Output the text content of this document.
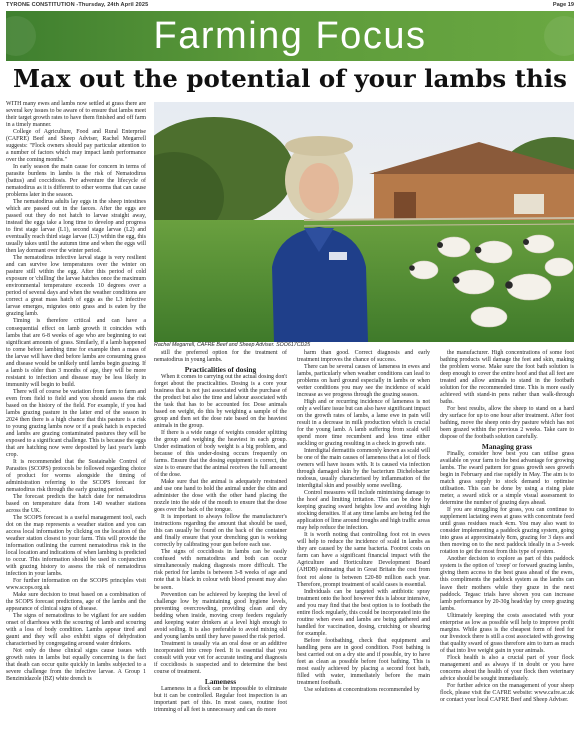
TYRONE CONSTITUTION -Thursday, 24th April 2025	Page 19
Farming Focus
Max out the potential of your lambs this

WITH many ewes and lambs now settled at grass there are several key issues to be aware of to ensure that lambs meet their target growth rates to have them finished and off farm in a timely manner.

College of Agriculture, Food and Rural Enterprise (CAFRE) Beef and Sheep Adviser, Rachel Megarrell suggests: "Flock owners should pay particular attention to a number of factors which may impact lamb performance over the coming months."

In early season the main cause for concern in terms of parasite burdens in lambs is the risk of Nematodirus (battus) and coccidiosis. Per adventure the lifecycle of nematodirus as it is different to other worms that can cause problems later in the season.

The nematodirus adults lay eggs in the sheep intestines which are passed out in the faeces. After the eggs are passed out they do not hatch to larvae straight away, instead the eggs take a long time to develop and progress to first stage larvae (L1), second stage larvae (L2) and eventually reach third stage larvae (L3) within the egg, this usually takes until the autumn time and when the eggs will then lay dormant over the winter period.

The nematodirus infective larval stage is very resilient and can survive low temperatures over the winter on pasture still within the egg. After this period of cold exposure or 'chilling' the larvae hatches once the maximum environmental temperature exceeds 10 degrees over a period of several days and when the weather conditions are correct a great mass hatch of eggs as the L3 infective larvae emerges, migrates onto grass and is eaten by the grazing lamb.

Timing is therefore critical and can have a consequential effect on lamb growth it coincides with lambs that are 6-8 weeks of age who are beginning to eat significant amounts of grass. Similarly, if a lamb happened to come before lambing time for example then a mass of the larvae will have died before lambs are consuming grass and disease would be unlikely until lambs begin grazing. If a lamb is older than 3 months of age, they will be more resistant to infection and disease may be less likely in immunity will begin to build.

There will of course be variation from farm to farm and even from field to field and you should assess the risk based on the history of the field. For example, if you had lambs grazing pasture in the latter end of the season in 2024 then there is a high chance that this pasture is a risk to young grazing lambs now or if a peak hatch is expected and lambs are grazing contaminated pastures they will be exposed to a significant challenge. This is because the eggs that are hatching now were deposited by last year's lamb crop.

It is recommended that the Sustainable Control of Parasites (SCOPS) protocols be followed regarding choice of product for worms alongside the timing of administration referring to the SCOPS forecast for nematodirus risk through the early grazing period.

The forecast predicts the hatch date for nematodirus based on temperature data from 140 weather stations across the UK.

The SCOPS forecast is a useful management tool, each dot on the map represents a weather station and you can access local information by clicking on the location of the weather station closest to your farm. This will provide the information outlining the current nematodirus risk in the local location and indications of when lambing is predicted to occur. This information should be used in conjunction with grazing history to assess the risk of nematodirus infection in your lambs.

For further information on the SCOPS principles visit www.scops.org.uk

Make sure decision to treat based on a combination of the SCOPS forecast predictions, age of the lambs and the appearance of clinical signs of disease.

The signs of nematodirus to be vigilant for are sudden onset of diarrhoea with the scouring of lamb and scouring with a loss of body condition. Lambs appear tired and gaunt and they will also exhibit signs of dehydration characterised by congregating around water drinkers.

Not only do these clinical signs cause issues with growth rates in lambs but equally concerning is the fact that death can occur quite quickly in lambs subjected to a severe challenge from the infective larvae. A Group 1 Benzimidazole (BZ) white drench is

Rachel Megarrell, CAFRE Beef and Sheep Adviser. SOO617CD25

still the preferred option for the treatment of nematodirus in young lambs.

Practicalities of dosing

When it comes to carrying out the actual dosing don't forget about the practicalities. Dosing is a core your business that is not just associated with the purchase of the product but also the time and labour associated with the task that has to be accounted for. Dose animals based on weight, do this by weighing a sample of the group and then set the dose rate based on the heaviest animals in the group.

If there is a wide range of weights consider splitting the group and weighing the heaviest in each group. Under estimation of body weight is a big problem, and because of this under-dosing occurs frequently on farms. Ensure that the dosing equipment is correct, the size is to ensure that the animal receives the full amount of the dose.

Make sure that the animal is adequately restrained and use one hand to hold the animal under the chin and administer the dose with the other hand placing the nozzle into the side of the mouth to ensure that the dose goes over the back of the tongue.

It is important to always follow the manufacturer's instructions regarding the amount that should be used, this can usually be found on the back of the container and finally ensure that your drenching gun is working correctly by calibrating your gun before each use.

The signs of coccidiosis in lambs can be easily confused with nematodirus and both can occur simultaneously making diagnosis more difficult. The risk period for lambs is between 3-8 weeks of age and note that is black in colour with blood present may also be seen.

Prevention can be achieved by keeping the level of challenge low by maintaining good hygiene levels, preventing overcrowding, providing clean and dry bedding when inside, moving creep feeders regularly and keeping water drinkers at a level high enough to avoid soiling. It is also preferable to avoid mixing old and young lambs until they have passed the risk period.

Treatment is usually via an oral dose or an additive incorporated into creep feed. It is essential that you consult with your vet for accurate testing and diagnosis if coccidiosis is suspected and to determine the best course of treatment.

Lameness

Lameness in a flock can be impossible to eliminate but it can be controlled. Regular foot inspection is an important part of this. In most cases, routine foot trimming of all feet is unnecessary and can do more

harm than good. Correct diagnosis and early treatment improves the chance of success.

There can be several causes of lameness in ewes and lambs, particularly when weather conditions can lead to problems on hard ground especially in lambs or when wetter conditions you may see the incidence of scald increase as we progress through the grazing season.

High and or recurring incidence of lameness is not only a welfare issue but can also have significant impact on the growth rates of lambs, a lame ewe in pain will result in a decrease in milk production which is crucial for the young lamb. A lamb suffering from scald will spend more time recumbent and less time either suckling or grazing resulting in a check in growth rate.

Interdigital dermatitis commonly known as scald will be one of the main causes of lameness that a lot of flock owners will have issues with. It is caused via infection through damaged skin by the bacterium Dichelobacter nodosus, usually characterised by inflammation of the interdigital skin and possibly some swelling.

Control measures will include minimising damage to the hoof and limiting irritation. This can be done by keeping grazing sward heights low and avoiding high stocking densities. If at any time lambs are being fed the application of lime around troughs and high traffic areas may help reduce the infection.

It is worth noting that controlling foot rot in ewes will help to reduce the incidence of scald in lambs as they are caused by the same bacteria. Footrot costs on farm can have a significant financial impact with the Agriculture and Horticulture Development Board (AHDB) estimating that in Great Britain the cost from foot rot alone is between £20-80 million each year. Therefore, prompt treatment of scald cases is essential.

Individuals can be targeted with antibiotic spray treatment onto the hoof however this is labour intensive, and you may find that the best option is to footbath the entire flock regularly, this could be incorporated into the routine when ewes and lambs are being gathered and handled for vaccination, dosing, crutching or shearing for example.

Before footbathing, check that equipment and handling pens are in good condition. Foot bathing is best carried out on a dry site and if possible, try to have feet as clean as possible before foot bathing. This is most easily achieved by placing a second foot bath, filled with water, immediately before the main treatment footbath.

Use solutions at concentrations recommended by

the manufacturer. High concentrations of some foot bathing products will damage the feet and skin, making the problem worse. Make sure the foot bath solution is deep enough to cover the entire hoof and that all feet are treated and allow animals to stand in the footbath solution for the recommended time. This is more easily achieved with stand-in pens rather than walk-through baths.

For best results, allow the sheep to stand on a hard dry surface for up to one hour after treatment. After foot bathing, move the sheep onto dry pasture which has not been grazed within the previous 2 weeks. Take care to dispose of the footbath solution carefully.

Managing grass

Finally, consider how best you can utilise grass available on your farm to the best advantage for growing lambs. The sward pattern for grass growth sees growth begin in February and rise rapidly in May. The aim is to match grass supply to stock demand to optimise utilisation. This can be done by using a rising plate meter, a sward stick or a simple visual assessment to determine the number of grazing days ahead.

If you are struggling for grass, you can continue to supplement lactating ewes at grass with concentrate feed until grass residues reach 4cm. You may also want to consider implementing a paddock grazing system, going into grass at approximately 8cm, grazing for 3 days and then moving on to the next paddock ideally in a 3-week rotation to get the most from this type of system.

Another decision to explore as part of this paddock system is the option of 'creep' or forward grazing lambs, giving them access to the best grass ahead of the ewes, this compliments the paddock system as the lambs can leave their mothers while they graze in the next paddock. Tegasc trials have shown you can increase lamb performance by 20-30g head/day by creep grazing lambs.

Ultimately keeping the costs associated with your enterprise as low as possible will help to improve profit margins. While grass is the cheapest form of feed for our livestock there is still a cost associated with growing that quality sward of grass therefore aim to turn as much of that into live weight gain in your animals.

Flock health is also a crucial part of your flock management and as always if in doubt or you have concerns about the health of your flock then veterinary advice should be sought immediately.

For further advice on the management of your sheep flock, please visit the CAFRE website: www.cafre.ac.uk or contact your local CAFRE Beef and Sheep Adviser.
